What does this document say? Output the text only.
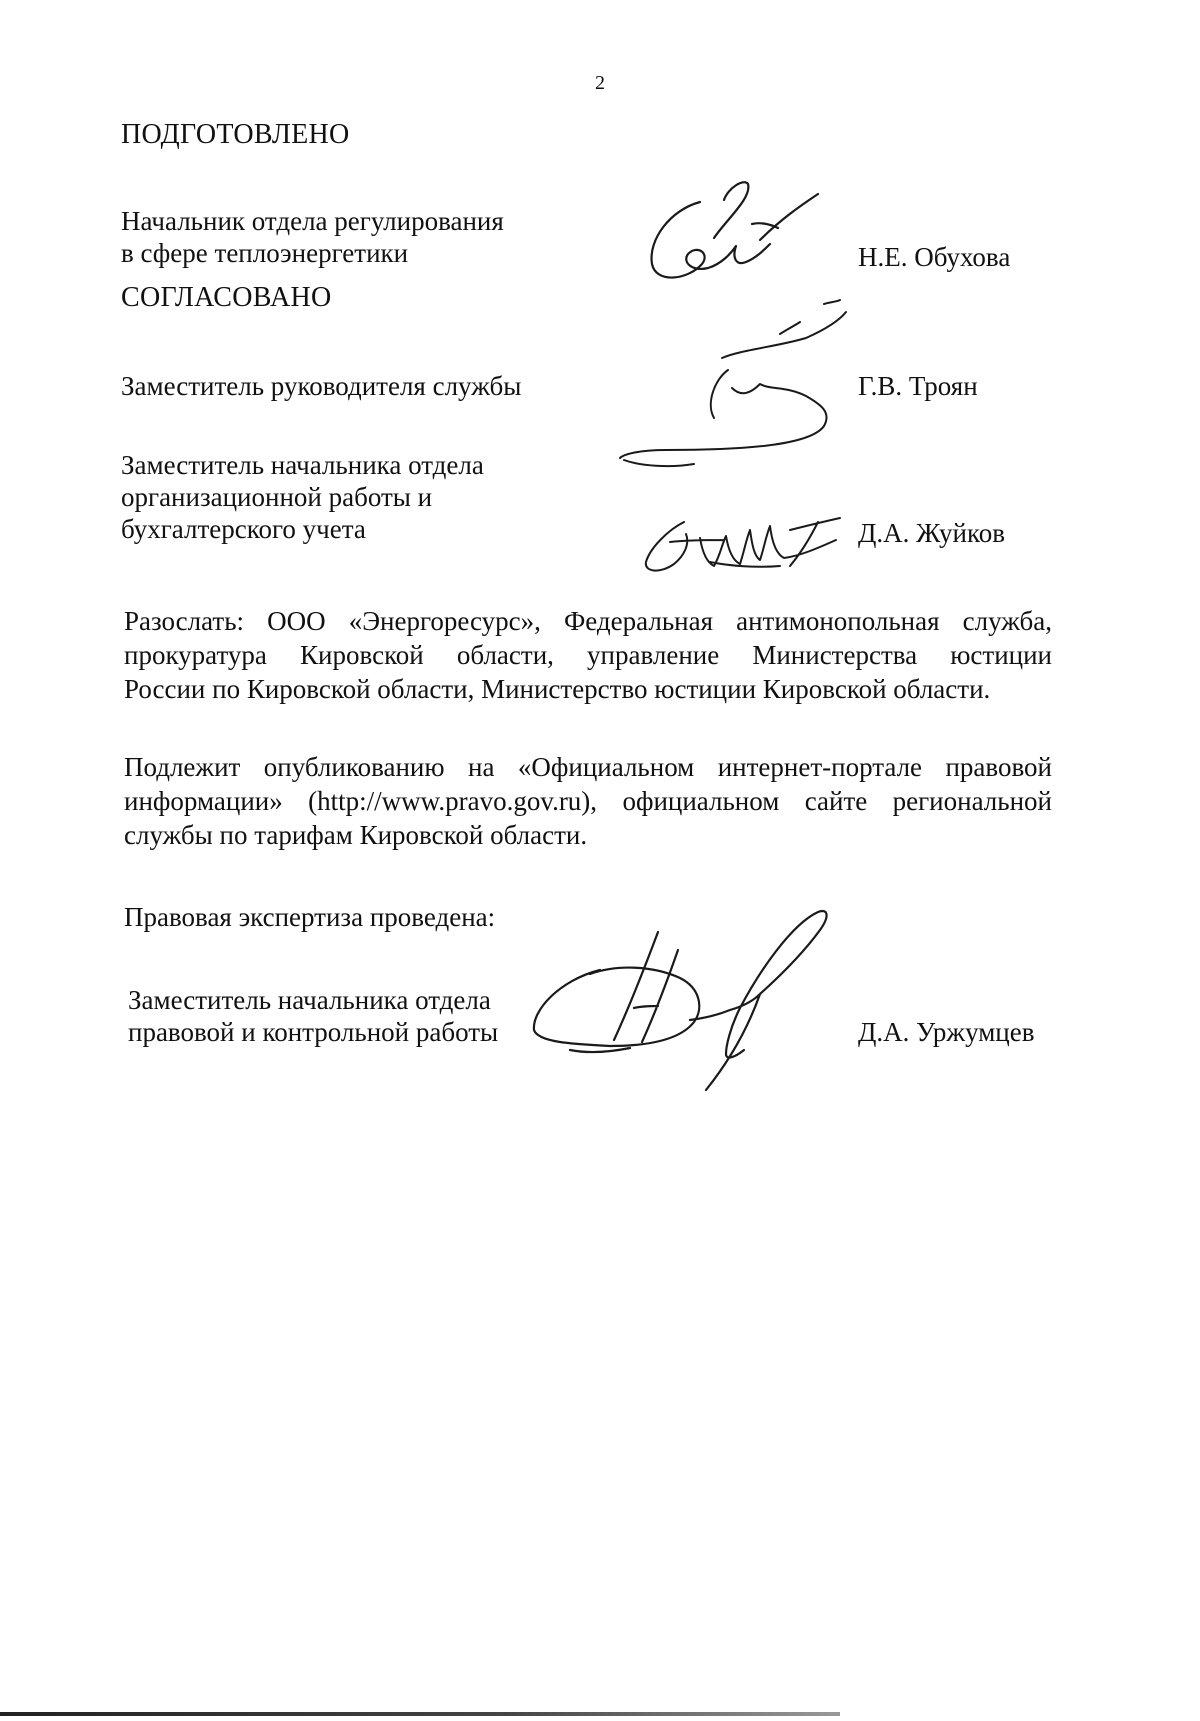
2
ПОДГОТОВЛЕНО
Начальник отдела регулирования
в сфере теплоэнергетики	Н.Е. Обухова
СОГЛАСОВАНО
Заместитель руководителя службы	Г.В. Троян
Заместитель начальника отдела
организационной работы и
бухгалтерского учета	Д.А. Жуйков
Разослать: ООО «Энергоресурс», Федеральная антимонопольная служба,
прокуратура Кировской области, управление Министерства юстиции
России по Кировской области, Министерство юстиции Кировской области.
Подлежит опубликованию на «Официальном интернет-портале правовой
информации» (http://www.pravo.gov.ru), официальном сайте региональной
службы по тарифам Кировской области.
Правовая экспертиза проведена:
Заместитель начальника отдела
правовой и контрольной работы	Д.А. Уржумцев
